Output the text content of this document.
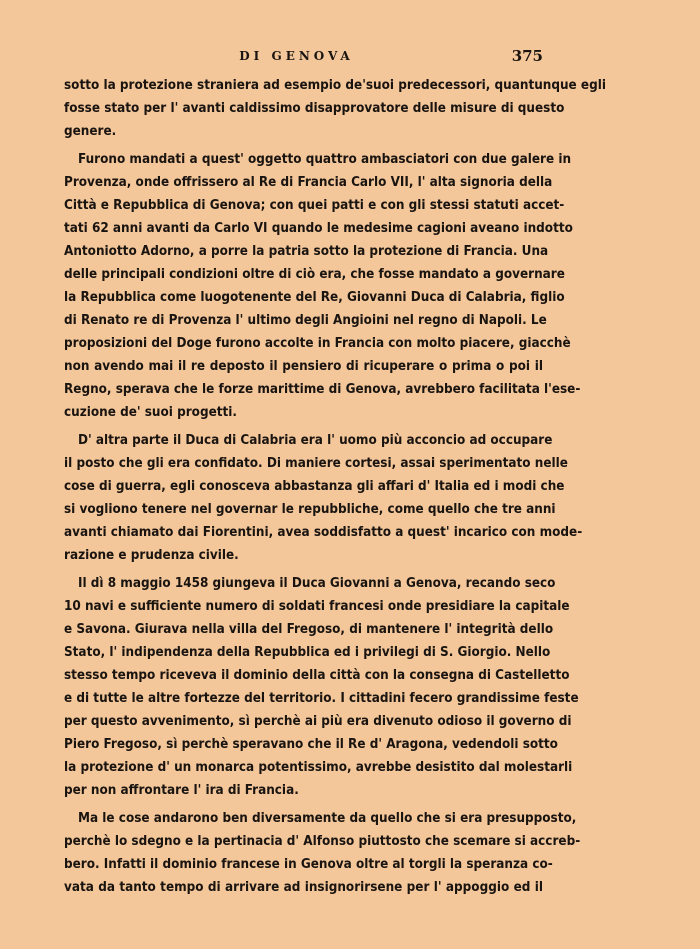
DI GENOVA	375
sotto la protezione straniera ad esempio de'suoi predecessori, quantunque egli
fosse stato per l' avanti caldissimo disapprovatore delle misure di questo
genere.
Furono mandati a quest' oggetto quattro ambasciatori con due galere in
Provenza, onde offrissero al Re di Francia Carlo VII, l' alta signoria della
Città e Repubblica di Genova; con quei patti e con gli stessi statuti accet-
tati 62 anni avanti da Carlo VI quando le medesime cagioni aveano indotto
Antoniotto Adorno, a porre la patria sotto la protezione di Francia. Una
delle principali condizioni oltre di ciò era, che fosse mandato a governare
la Repubblica come luogotenente del Re, Giovanni Duca di Calabria, figlio
di Renato re di Provenza l' ultimo degli Angioini nel regno di Napoli. Le
proposizioni del Doge furono accolte in Francia con molto piacere, giacchè
non avendo mai il re deposto il pensiero di ricuperare o prima o poi il
Regno, sperava che le forze marittime di Genova, avrebbero facilitata l'ese-
cuzione de' suoi progetti.
D' altra parte il Duca di Calabria era l' uomo più acconcio ad occupare
il posto che gli era confidato. Di maniere cortesi, assai sperimentato nelle
cose di guerra, egli conosceva abbastanza gli affari d' Italia ed i modi che
si vogliono tenere nel governar le repubbliche, come quello che tre anni
avanti chiamato dai Fiorentini, avea soddisfatto a quest' incarico con mode-
razione e prudenza civile.
Il dì 8 maggio 1458 giungeva il Duca Giovanni a Genova, recando seco
10 navi e sufficiente numero di soldati francesi onde presidiare la capitale
e Savona. Giurava nella villa del Fregoso, di mantenere l' integrità dello
Stato, l' indipendenza della Repubblica ed i privilegi di S. Giorgio. Nello
stesso tempo riceveva il dominio della città con la consegna di Castelletto
e di tutte le altre fortezze del territorio. I cittadini fecero grandissime feste
per questo avvenimento, sì perchè ai più era divenuto odioso il governo di
Piero Fregoso, sì perchè speravano che il Re d' Aragona, vedendoli sotto
la protezione d' un monarca potentissimo, avrebbe desistito dal molestarli
per non affrontare l' ira di Francia.
Ma le cose andarono ben diversamente da quello che si era presupposto,
perchè lo sdegno e la pertinacia d' Alfonso piuttosto che scemare si accreb-
bero. Infatti il dominio francese in Genova oltre al torgli la speranza co-
vata da tanto tempo di arrivare ad insignorirsene per l' appoggio ed il
